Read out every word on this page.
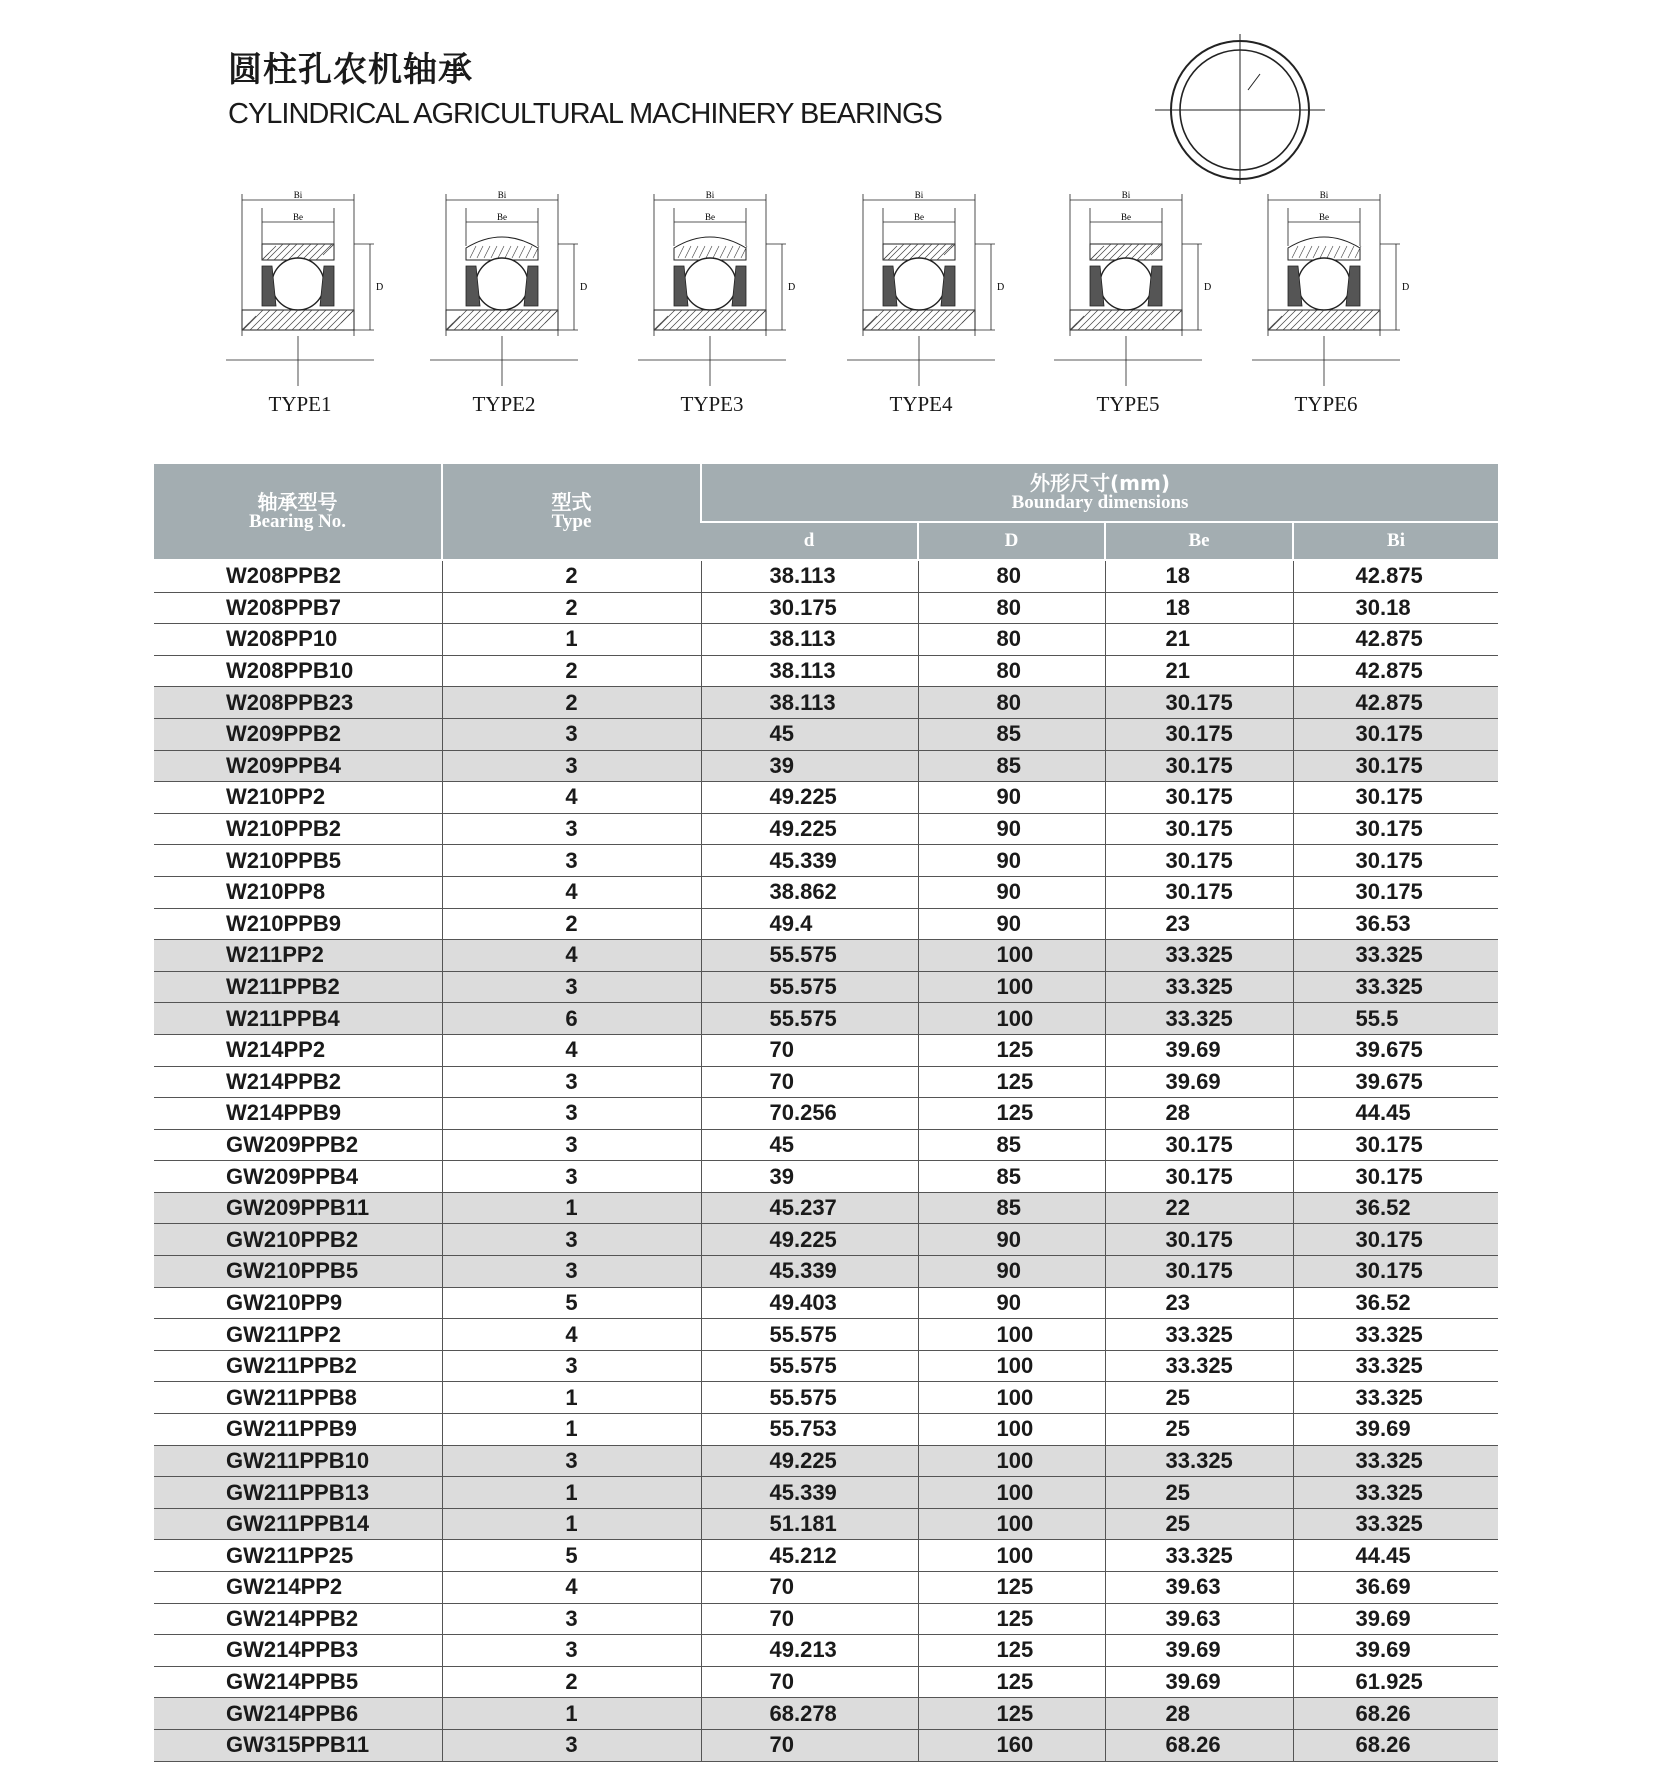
圆柱孔农机轴承
CYLINDRICAL AGRICULTURAL MACHINERY BEARINGS
Bi
Be
D
Bi
Be
D
Bi
Be
D
Bi
Be
D
Bi
Be
D
Bi
Be
D
TYPE1	TYPE2	TYPE3	TYPE4	TYPE5	TYPE6
轴承型号
Bearing No.	型式
Type	外形尺寸(mm)
Boundary dimensions			

		d	D	Be	Bi
W208PPB2	2	38.113	80	18	42.875
W208PPB7	2	30.175	80	18	30.18
W208PP10	1	38.113	80	21	42.875
W208PPB10	2	38.113	80	21	42.875
W208PPB23	2	38.113	80	30.175	42.875
W209PPB2	3	45	85	30.175	30.175
W209PPB4	3	39	85	30.175	30.175
W210PP2	4	49.225	90	30.175	30.175
W210PPB2	3	49.225	90	30.175	30.175
W210PPB5	3	45.339	90	30.175	30.175
W210PP8	4	38.862	90	30.175	30.175
W210PPB9	2	49.4	90	23	36.53
W211PP2	4	55.575	100	33.325	33.325
W211PPB2	3	55.575	100	33.325	33.325
W211PPB4	6	55.575	100	33.325	55.5
W214PP2	4	70	125	39.69	39.675
W214PPB2	3	70	125	39.69	39.675
W214PPB9	3	70.256	125	28	44.45
GW209PPB2	3	45	85	30.175	30.175
GW209PPB4	3	39	85	30.175	30.175
GW209PPB11	1	45.237	85	22	36.52
GW210PPB2	3	49.225	90	30.175	30.175
GW210PPB5	3	45.339	90	30.175	30.175
GW210PP9	5	49.403	90	23	36.52
GW211PP2	4	55.575	100	33.325	33.325
GW211PPB2	3	55.575	100	33.325	33.325
GW211PPB8	1	55.575	100	25	33.325
GW211PPB9	1	55.753	100	25	39.69
GW211PPB10	3	49.225	100	33.325	33.325
GW211PPB13	1	45.339	100	25	33.325
GW211PPB14	1	51.181	100	25	33.325
GW211PP25	5	45.212	100	33.325	44.45
GW214PP2	4	70	125	39.63	36.69
GW214PPB2	3	70	125	39.63	39.69
GW214PPB3	3	49.213	125	39.69	39.69
GW214PPB5	2	70	125	39.69	61.925
GW214PPB6	1	68.278	125	28	68.26
GW315PPB11	3	70	160	68.26	68.26
